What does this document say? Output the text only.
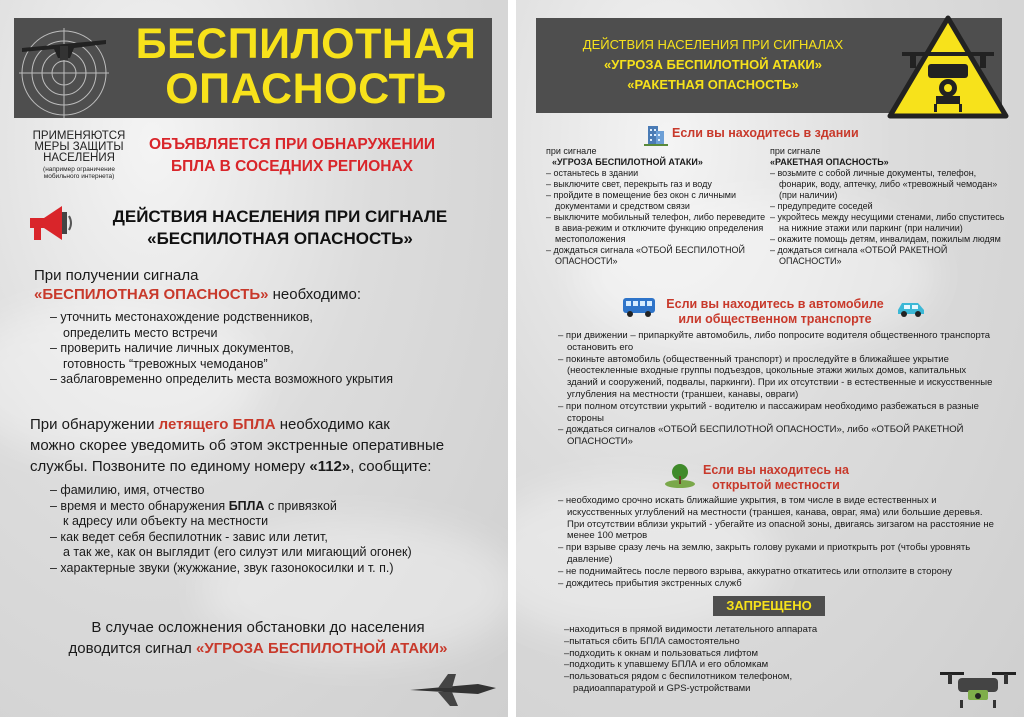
БЕСПИЛОТНАЯ
ОПАСНОСТЬ
ПРИМЕНЯЮТСЯ
МЕРЫ ЗАЩИТЫ
НАСЕЛЕНИЯ
(например ограничение
мобильного интернета)
ОБЪЯВЛЯЕТСЯ ПРИ ОБНАРУЖЕНИИ
БПЛА В СОСЕДНИХ РЕГИОНАХ
ДЕЙСТВИЯ НАСЕЛЕНИЯ ПРИ СИГНАЛЕ
«БЕСПИЛОТНАЯ ОПАСНОСТЬ»
При получении сигнала
«БЕСПИЛОТНАЯ ОПАСНОСТЬ» необходимо:
– уточнить местонахождение родственников,
определить место встречи
– проверить наличие личных документов,
готовность “тревожных чемоданов”
– заблаговременно определить места возможного укрытия
При обнаружении летящего БПЛА необходимо как
можно скорее уведомить об этом экстренные оперативные
службы. Позвоните по единому номеру «112», сообщите:
– фамилию, имя, отчество
– время и место обнаружения БПЛА с привязкой
к адресу или объекту на местности
– как ведет себя беспилотник - завис или летит,
а так же, как он выглядит (его силуэт или мигающий огонек)
– характерные звуки (жужжание, звук газонокосилки и т. п.)
В случае осложнения обстановки до населения
доводится сигнал «УГРОЗА БЕСПИЛОТНОЙ АТАКИ»
ДЕЙСТВИЯ НАСЕЛЕНИЯ ПРИ СИГНАЛАХ
«УГРОЗА БЕСПИЛОТНОЙ АТАКИ»
«РАКЕТНАЯ ОПАСНОСТЬ»
Если вы находитесь в здании
при сигнале
«УГРОЗА БЕСПИЛОТНОЙ АТАКИ»
– останьтесь в здании
– выключите свет, перекрыть газ и воду
– пройдите в помещение без окон с личными документами и средством связи
– выключите мобильный телефон, либо переведите в авиа-режим и отключите функцию определения местоположения
– дождаться сигнала «ОТБОЙ БЕСПИЛОТНОЙ ОПАСНОСТИ»
при сигнале
«РАКЕТНАЯ ОПАСНОСТЬ»
– возьмите с собой личные документы, телефон, фонарик, воду, аптечку, либо «тревожный чемодан» (при наличии)
– предупредите соседей
– укройтесь между несущими стенами, либо спуститесь на нижние этажи или паркинг (при наличии)
– окажите помощь детям, инвалидам, пожилым людям
– дождаться сигнала «ОТБОЙ РАКЕТНОЙ ОПАСНОСТИ»
Если вы находитесь в автомобиле
или общественном транспорте
– при движении – припаркуйте автомобиль, либо попросите водителя общественного транспорта остановить его
– покиньте автомобиль (общественный транспорт) и проследуйте в ближайшее укрытие (неостекленные входные группы подъездов, цокольные этажи жилых домов, капитальных зданий и сооружений, подвалы, паркинги). При их отсутствии - в естественные и искусственные углубления на местности (траншеи, канавы, овраги)
– при полном отсутствии укрытий - водителю и пассажирам необходимо разбежаться в разные стороны
– дождаться сигналов «ОТБОЙ БЕСПИЛОТНОЙ ОПАСНОСТИ», либо «ОТБОЙ РАКЕТНОЙ ОПАСНОСТИ»
Если вы находитесь на
открытой местности
– необходимо срочно искать ближайшие укрытия, в том числе в виде естественных и искусственных углублений на местности (траншея, канава, овраг, яма) или большие деревья. При отсутствии вблизи укрытий - убегайте из опасной зоны, двигаясь зигзагом на расстояние не менее 100 метров
– при взрыве сразу лечь на землю, закрыть голову руками и приоткрыть рот (чтобы уровнять давление)
– не поднимайтесь после первого взрыва, аккуратно откатитесь или отползите в сторону
– дождитесь прибытия экстренных служб
ЗАПРЕЩЕНО
–находиться в прямой видимости летательного аппарата
–пытаться сбить БПЛА самостоятельно
–подходить к окнам и пользоваться лифтом
–подходить к упавшему БПЛА и его обломкам
–пользоваться рядом с беспилотником телефоном, радиоаппаратурой и GPS-устройствами
